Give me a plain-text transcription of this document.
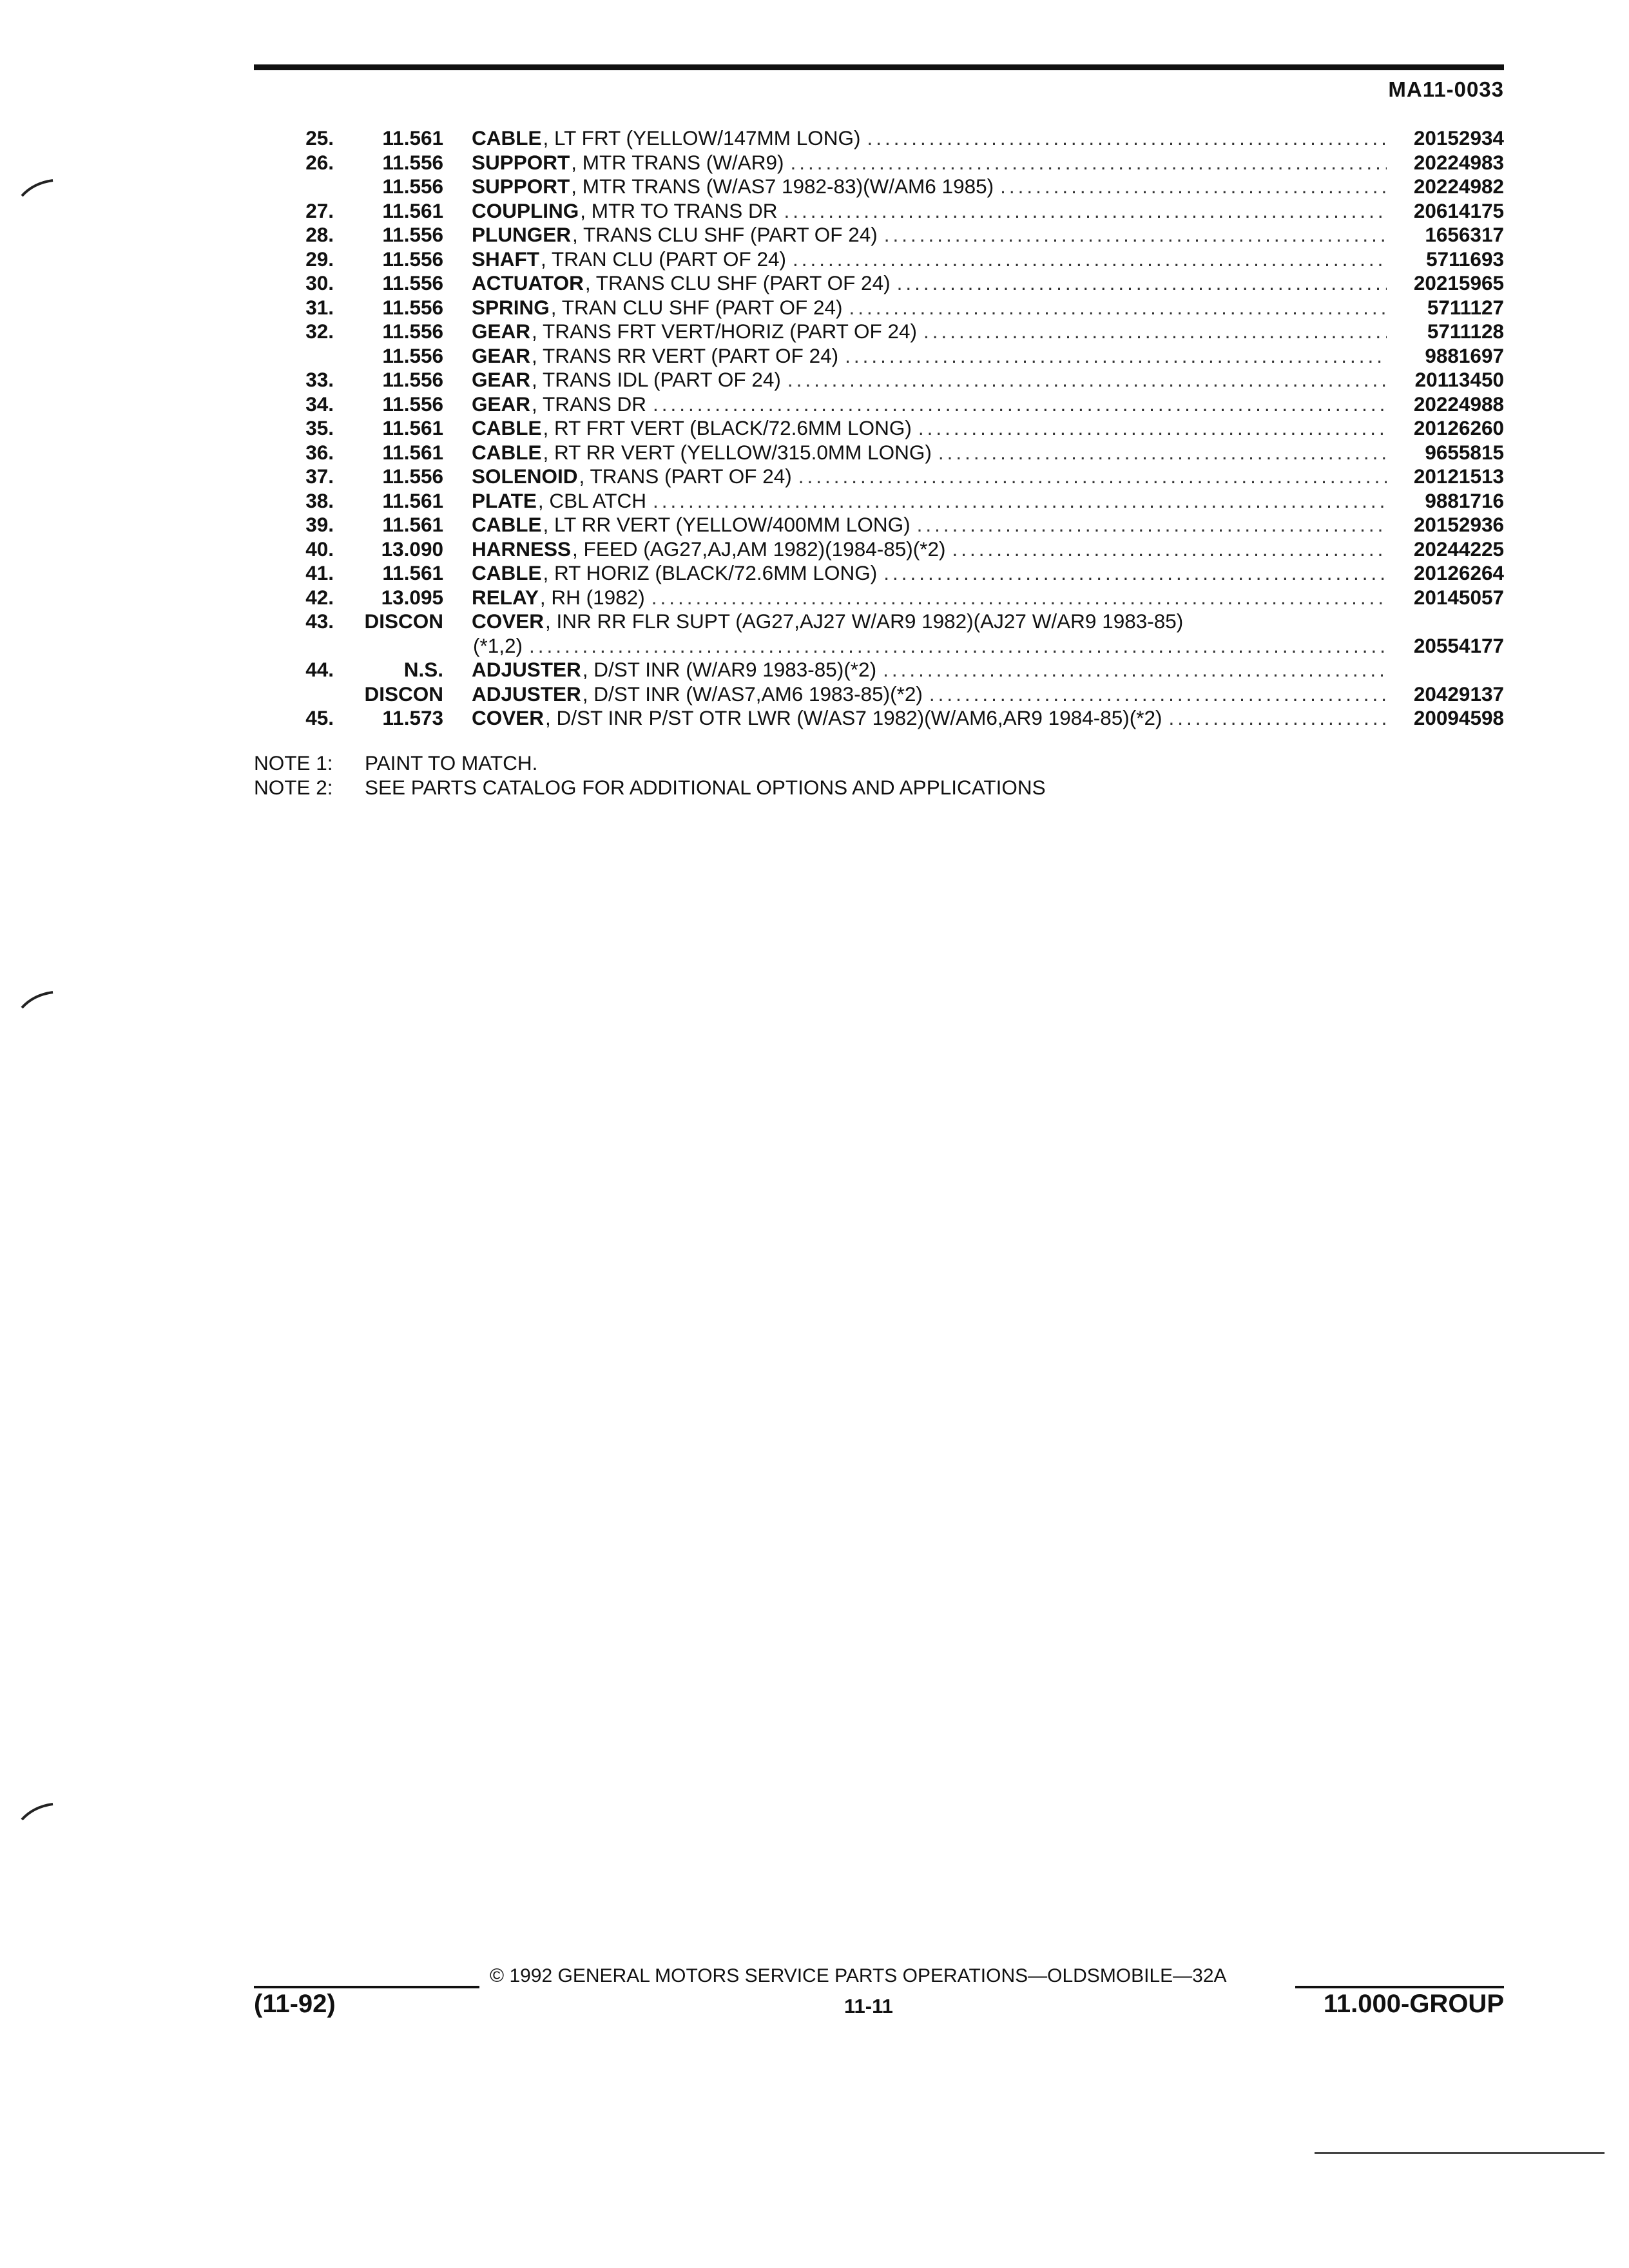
MA11-0033
25. 11.561 CABLE , LT FRT (YELLOW/147MM LONG) .....	20152934
26. 11.556 SUPPORT , MTR TRANS (W/AR9) .....	20224983
11.556 SUPPORT , MTR TRANS (W/AS7 1982-83)(W/AM6 1985) .....	20224982
27. 11.561 COUPLING , MTR TO TRANS DR .....	20614175
28. 11.556 PLUNGER , TRANS CLU SHF (PART OF 24) .....	1656317
29. 11.556 SHAFT , TRAN CLU (PART OF 24) .....	5711693
30. 11.556 ACTUATOR , TRANS CLU SHF (PART OF 24) .....	20215965
31. 11.556 SPRING , TRAN CLU SHF (PART OF 24) .....	5711127
32. 11.556 GEAR , TRANS FRT VERT/HORIZ (PART OF 24) .....	5711128
11.556 GEAR , TRANS RR VERT (PART OF 24) .....	9881697
33. 11.556 GEAR , TRANS IDL (PART OF 24) .....	20113450
34. 11.556 GEAR , TRANS DR .....	20224988
35. 11.561 CABLE , RT FRT VERT (BLACK/72.6MM LONG) .....	20126260
36. 11.561 CABLE , RT RR VERT (YELLOW/315.0MM LONG) .....	9655815
37. 11.556 SOLENOID , TRANS (PART OF 24) .....	20121513
38. 11.561 PLATE , CBL ATCH .....	9881716
39. 11.561 CABLE , LT RR VERT (YELLOW/400MM LONG) .....	20152936
40. 13.090 HARNESS , FEED (AG27,AJ,AM 1982)(1984-85)(*2) .....	20244225
41. 11.561 CABLE , RT HORIZ (BLACK/72.6MM LONG) .....	20126264
42. 13.095 RELAY , RH (1982) .....	20145057
43. DISCON COVER , INR RR FLR SUPT (AG27,AJ27 W/AR9 1982)(AJ27 W/AR9 1983-85)
(*1,2) .....	20554177
44.	N.S. ADJUSTER , D/ST INR (W/AR9 1983-85)(*2)
.....
DISCON ADJUSTER , D/ST INR (W/AS7,AM6 1983-85)(*2) .....	20429137
45. 11.573 COVER , D/ST INR P/ST OTR LWR (W/AS7 1982)(W/AM6,AR9 1984-85)(*2) .....	20094598
NOTE 1:	PAINT TO MATCH.
NOTE 2:	SEE PARTS CATALOG FOR ADDITIONAL OPTIONS AND APPLICATIONS
© 1992 GENERAL MOTORS SERVICE PARTS OPERATIONS—OLDSMOBILE—32A
(11-92)	11-11	11.000-GROUP
